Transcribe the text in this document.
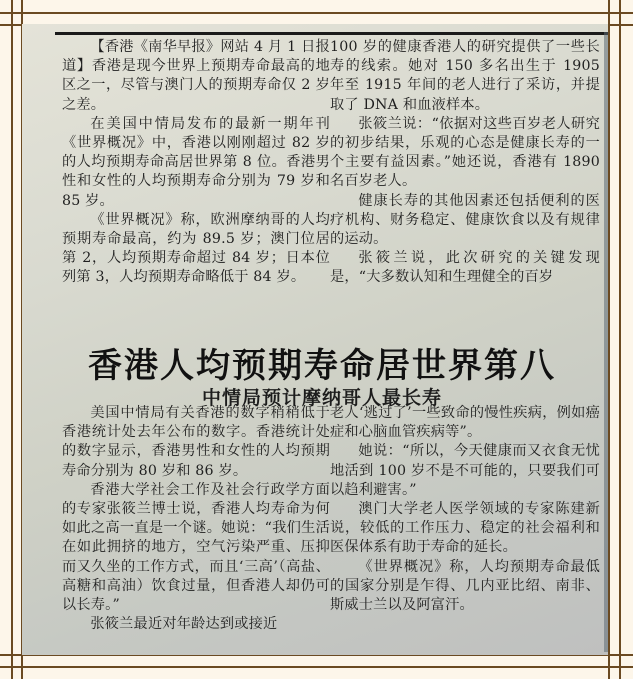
【香港《南华早报》网站 4 月 1 日报道】香港是现今世界上预期寿命最高的地区之一，尽管与澳门人的预期寿命仅 2 岁之差。

在美国中情局发布的最新一期年刊《世界概况》中，香港以刚刚超过 82 岁的人均预期寿命高居世界第 8 位。香港男性和女性的人均预期寿命分别为 79 岁和 85 岁。

《世界概况》称，欧洲摩纳哥的人均预期寿命最高，约为 89.5 岁；澳门位居第 2，人均预期寿命超过 84 岁；日本位列第 3，人均预期寿命略低于 84 岁。

100 岁的健康香港人的研究提供了一些长寿的线索。她对 150 多名出生于 1905 年至 1915 年间的老人进行了采访，并提取了 DNA 和血液样本。

张筱兰说：“依据对这些百岁老人研究的初步结果，乐观的心态是健康长寿的一个主要有益因素。”她还说，香港有 1890 名百岁老人。

健康长寿的其他因素还包括便利的医疗机构、财务稳定、健康饮食以及有规律的运动。

张筱兰说，此次研究的关键发现是，“大多数认知和生理健全的百岁

香港人均预期寿命居世界第八
中情局预计摩纳哥人最长寿

美国中情局有关香港的数字稍稍低于香港统计处去年公布的数字。香港统计处的数字显示，香港男性和女性的人均预期寿命分别为 80 岁和 86 岁。

香港大学社会工作及社会行政学方面的专家张筱兰博士说，香港人均寿命为何如此之高一直是一个谜。她说：“我们生活在如此拥挤的地方，空气污染严重、压抑而又久坐的工作方式，而且‘三高’（高盐、高糖和高油）饮食过量，但香港人却仍可以长寿。”

张筱兰最近对年龄达到或接近

老人‘逃过了’一些致命的慢性疾病，例如癌症和心脑血管疾病等”。

她说：“所以，今天健康而又衣食无忧地活到 100 岁不是不可能的，只要我们可以趋利避害。”

澳门大学老人医学领域的专家陈建新说，较低的工作压力、稳定的社会福利和医保体系有助于寿命的延长。

《世界概况》称，人均预期寿命最低的国家分别是乍得、几内亚比绍、南非、斯威士兰以及阿富汗。
